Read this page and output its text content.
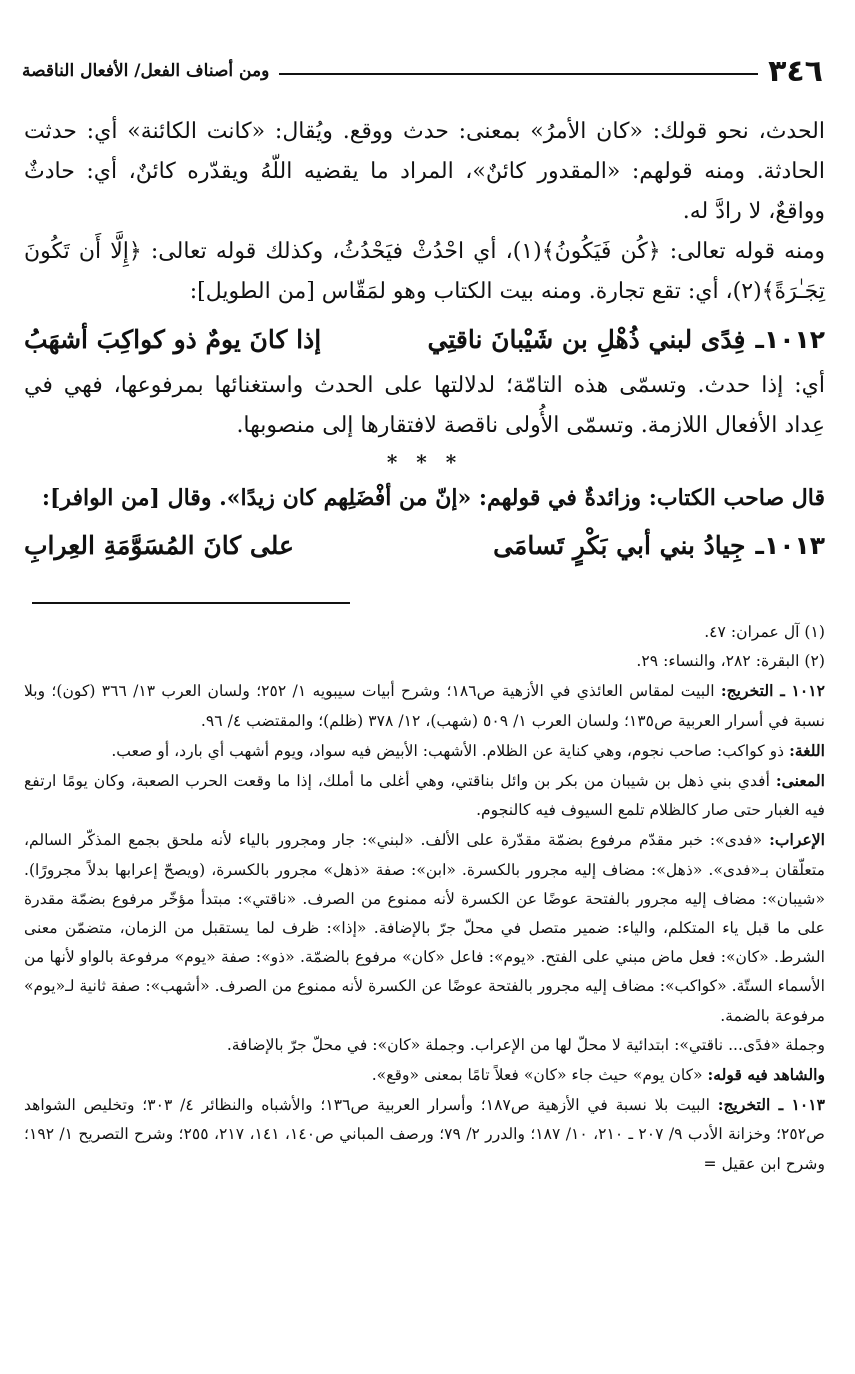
٣٤٦
ومن أصناف الفعل/ الأفعال الناقصة

الحدث، نحو قولك: «كان الأمرُ» بمعنى: حدث ووقع. ويُقال: «كانت الكائنة» أي: حدثت الحادثة. ومنه قولهم: «المقدور كائنٌ»، المراد ما يقضيه اللّهُ ويقدّره كائنٌ، أي: حادثٌ وواقعٌ، لا رادَّ له.

ومنه قوله تعالى: ﴿كُن فَيَكُونُ﴾(١)، أي احْدُثْ فيَحْدُثُ، وكذلك قوله تعالى: ﴿إِلَّا أَن تَكُونَ تِجَـٰرَةً﴾(٢)، أي: تقع تجارة. ومنه بيت الكتاب وهو لمَقّاس [من الطويل]:

١٠١٢ـ
فِدًى لبني ذُهْلِ بن شَيْبانَ ناقتِي
إذا كانَ يومٌ ذو كواكِبَ أشهَبُ

أي: إذا حدث. وتسمّى هذه التامّة؛ لدلالتها على الحدث واستغنائها بمرفوعها، فهي في عِداد الأفعال اللازمة. وتسمّى الأُولى ناقصة لافتقارها إلى منصوبها.

* * *

قال صاحب الكتاب: وزائدةٌ في قولهم: «إنّ من أفْضَلِهم كان زيدًا». وقال [من الوافر]:

١٠١٣ـ
جِيادُ بني أبي بَكْرٍ تَسامَى
على كانَ المُسَوَّمَةِ العِرابِ

(١) آل عمران: ٤٧.

(٢) البقرة: ٢٨٢، والنساء: ٢٩.

١٠١٢ ـ التخريج: البيت لمقاس العائذي في الأزهية ص١٨٦؛ وشرح أبيات سيبويه ١/ ٢٥٢؛ ولسان العرب ١٣/ ٣٦٦ (كون)؛ وبلا نسبة في أسرار العربية ص١٣٥؛ ولسان العرب ١/ ٥٠٩ (شهب)، ١٢/ ٣٧٨ (ظلم)؛ والمقتضب ٤/ ٩٦.

اللغة: ذو كواكب: صاحب نجوم، وهي كناية عن الظلام. الأشهب: الأبيض فيه سواد، ويوم أشهب أي بارد، أو صعب.

المعنى: أفدي بني ذهل بن شيبان من بكر بن وائل بناقتي، وهي أغلى ما أملك، إذا ما وقعت الحرب الصعبة، وكان يومًا ارتفع فيه الغبار حتى صار كالظلام تلمع السيوف فيه كالنجوم.

الإعراب: «فدى»: خبر مقدّم مرفوع بضمّة مقدّرة على الألف. «لبني»: جار ومجرور بالياء لأنه ملحق بجمع المذكّر السالم، متعلّقان بـ«فدى». «ذهل»: مضاف إليه مجرور بالكسرة. «ابن»: صفة «ذهل» مجرور بالكسرة، (ويصحّ إعرابها بدلاً مجرورًا). «شيبان»: مضاف إليه مجرور بالفتحة عوضًا عن الكسرة لأنه ممنوع من الصرف. «ناقتي»: مبتدأ مؤخّر مرفوع بضمّة مقدرة على ما قبل ياء المتكلم، والياء: ضمير متصل في محلّ جرّ بالإضافة. «إذا»: ظرف لما يستقبل من الزمان، متضمّن معنى الشرط. «كان»: فعل ماض مبني على الفتح. «يوم»: فاعل «كان» مرفوع بالضمّة. «ذو»: صفة «يوم» مرفوعة بالواو لأنها من الأسماء الستّة. «كواكب»: مضاف إليه مجرور بالفتحة عوضًا عن الكسرة لأنه ممنوع من الصرف. «أشهب»: صفة ثانية لـ«يوم» مرفوعة بالضمة.

وجملة «فدًى... ناقتي»: ابتدائية لا محلّ لها من الإعراب. وجملة «كان»: في محلّ جرّ بالإضافة.

والشاهد فيه قوله: «كان يوم» حيث جاء «كان» فعلاً تامًا بمعنى «وقع».

١٠١٣ ـ التخريج: البيت بلا نسبة في الأزهية ص١٨٧؛ وأسرار العربية ص١٣٦؛ والأشباه والنظائر ٤/ ٣٠٣؛ وتخليص الشواهد ص٢٥٢؛ وخزانة الأدب ٩/ ٢٠٧ ـ ٢١٠، ١٠/ ١٨٧؛ والدرر ٢/ ٧٩؛ ورصف المباني ص١٤٠، ١٤١، ٢١٧، ٢٥٥؛ وشرح التصريح ١/ ١٩٢؛ وشرح ابن عقيل =
